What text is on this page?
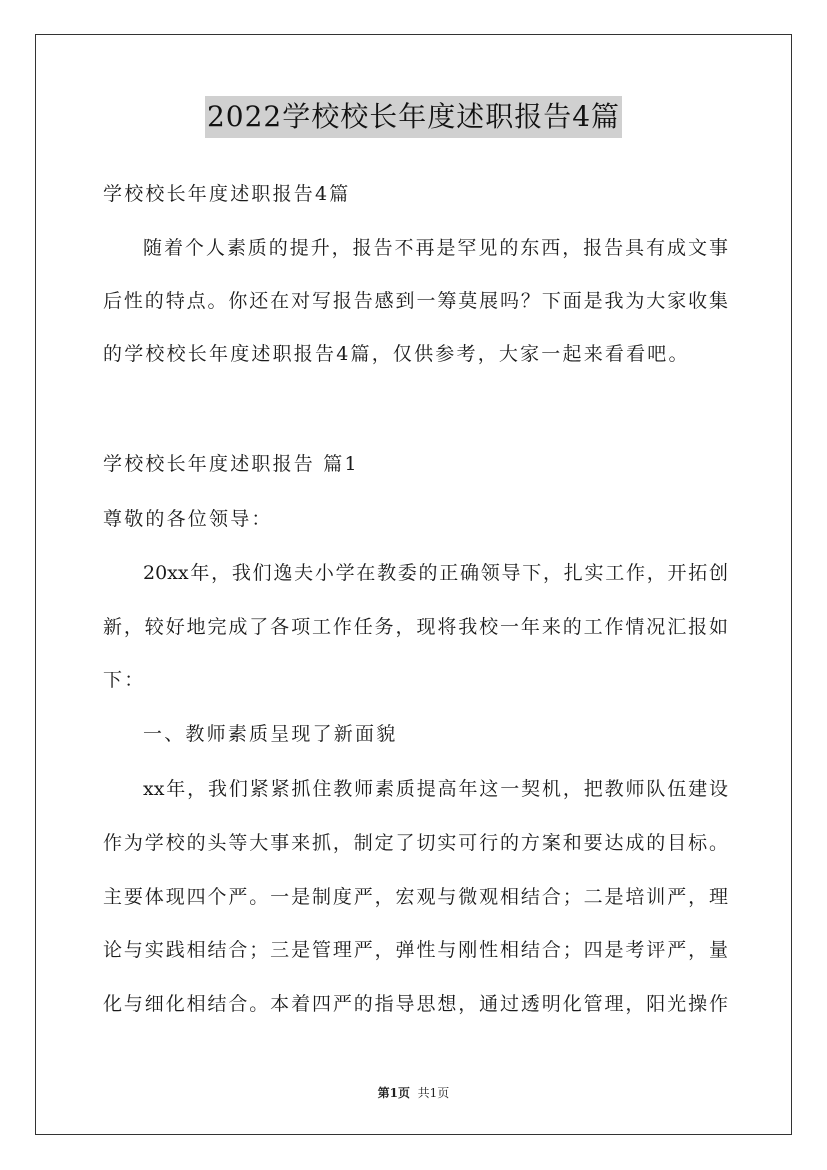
2022学校校长年度述职报告4篇
学校校长年度述职报告4篇
随着个人素质的提升，报告不再是罕见的东西，报告具有成文事
后性的特点。你还在对写报告感到一筹莫展吗？下面是我为大家收集
的学校校长年度述职报告4篇，仅供参考，大家一起来看看吧。
学校校长年度述职报告 篇1
尊敬的各位领导：
20xx年，我们逸夫小学在教委的正确领导下，扎实工作，开拓创
新，较好地完成了各项工作任务，现将我校一年来的工作情况汇报如
下：
一、教师素质呈现了新面貌
xx年，我们紧紧抓住教师素质提高年这一契机，把教师队伍建设
作为学校的头等大事来抓，制定了切实可行的方案和要达成的目标。
主要体现四个严。一是制度严，宏观与微观相结合；二是培训严，理
论与实践相结合；三是管理严，弹性与刚性相结合；四是考评严，量
化与细化相结合。本着四严的指导思想，通过透明化管理，阳光操作
第1页 共1页
